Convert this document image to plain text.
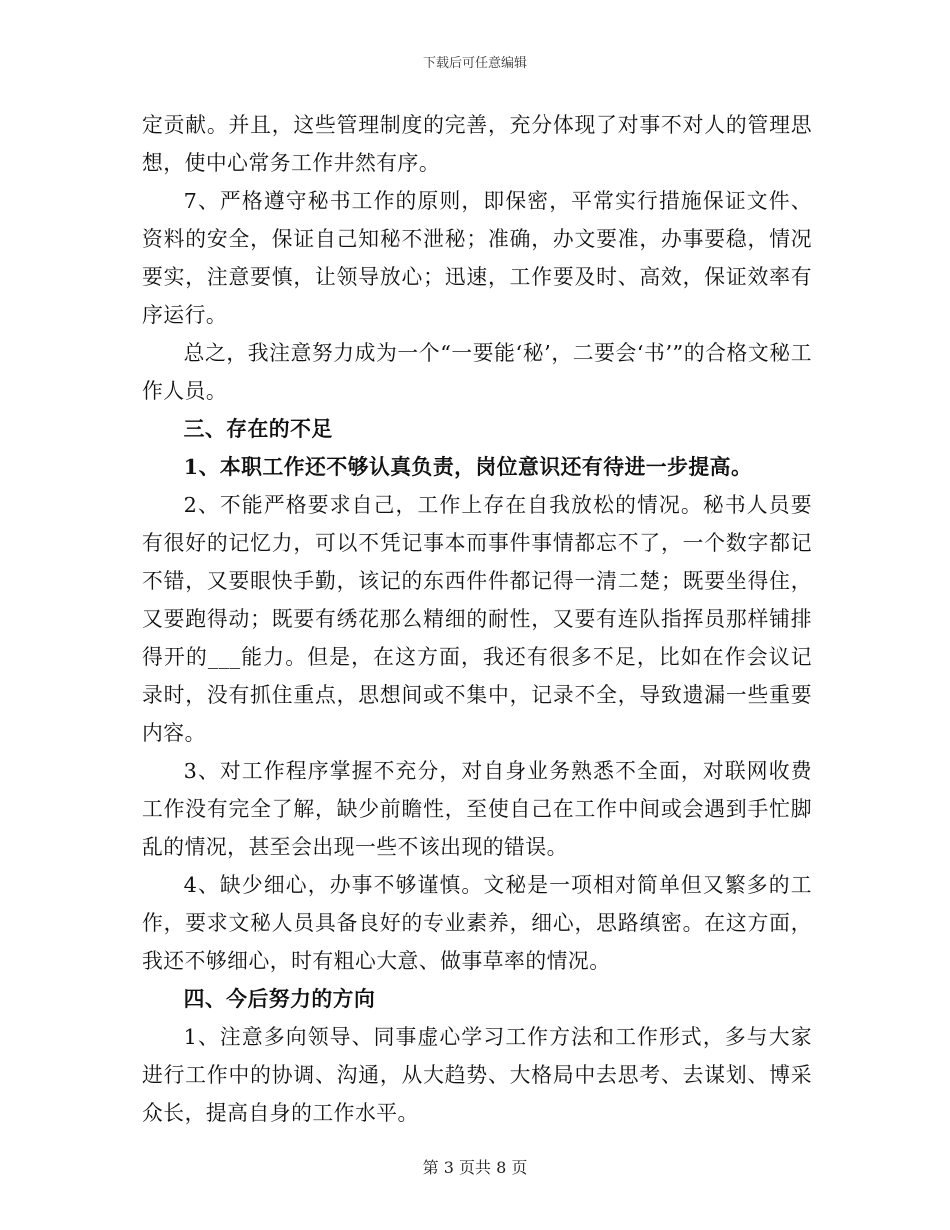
下载后可任意编辑

定贡献。并且，这些管理制度的完善，充分体现了对事不对人的管理思想，使中心常务工作井然有序。

7、严格遵守秘书工作的原则，即保密，平常实行措施保证文件、资料的安全，保证自己知秘不泄秘；准确，办文要准，办事要稳，情况要实，注意要慎，让领导放心；迅速，工作要及时、高效，保证效率有序运行。

总之，我注意努力成为一个“一要能‘秘’，二要会‘书’”的合格文秘工作人员。

三、存在的不足

1、本职工作还不够认真负责，岗位意识还有待进一步提高。

2、不能严格要求自己，工作上存在自我放松的情况。秘书人员要有很好的记忆力，可以不凭记事本而事件事情都忘不了，一个数字都记不错，又要眼快手勤，该记的东西件件都记得一清二楚；既要坐得住，又要跑得动；既要有绣花那么精细的耐性，又要有连队指挥员那样铺排得开的___能力。但是，在这方面，我还有很多不足，比如在作会议记录时，没有抓住重点，思想间或不集中，记录不全，导致遗漏一些重要内容。

3、对工作程序掌握不充分，对自身业务熟悉不全面，对联网收费工作没有完全了解，缺少前瞻性，至使自己在工作中间或会遇到手忙脚乱的情况，甚至会出现一些不该出现的错误。

4、缺少细心，办事不够谨慎。文秘是一项相对简单但又繁多的工作，要求文秘人员具备良好的专业素养，细心，思路缜密。在这方面，我还不够细心，时有粗心大意、做事草率的情况。

四、今后努力的方向

1、注意多向领导、同事虚心学习工作方法和工作形式，多与大家进行工作中的协调、沟通，从大趋势、大格局中去思考、去谋划、博采众长，提高自身的工作水平。

第 3 页共 8 页
